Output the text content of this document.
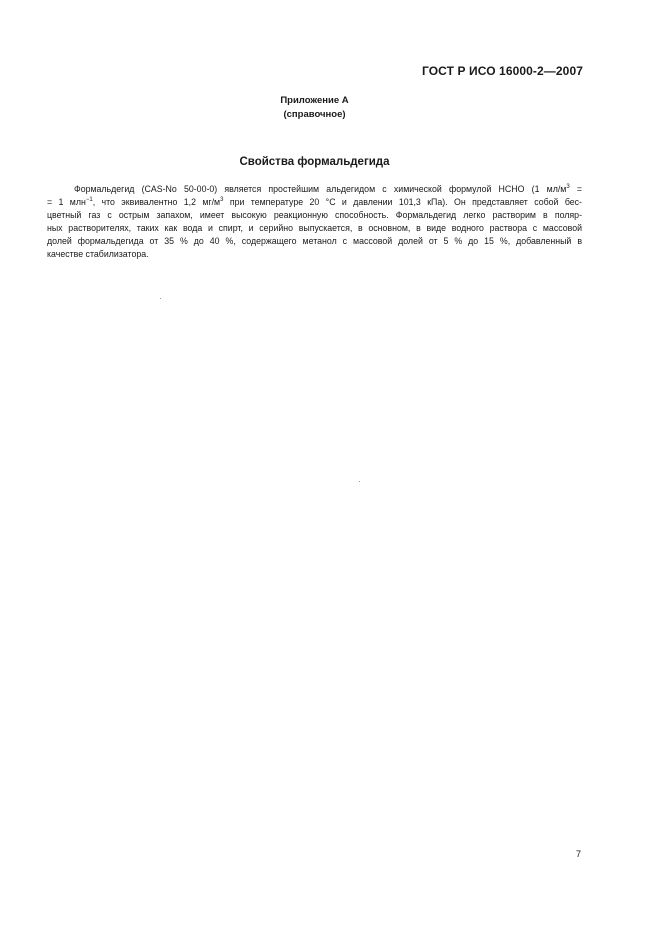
ГОСТ Р ИСО 16000-2—2007
Приложение А
(справочное)
Свойства формальдегида
Формальдегид (CAS-No 50-00-0) является простейшим альдегидом с химической формулой НСНО (1 $мл/м^3$ =
= 1 млн$^{-1}$, что эквивалентно 1,2 $мг/м^3$ при температуре 20 °С и давлении 101,3 кПа). Он представляет собой бес-
цветный газ с острым запахом, имеет высокую реакционную способность. Формальдегид легко растворим в поляр-
ных растворителях, таких как вода и спирт, и серийно выпускается, в основном, в виде водного раствора с массовой
долей формальдегида от 35 % до 40 %, содержащего метанол с массовой долей от 5 % до 15 %, добавленный в
качестве стабилизатора.
7
